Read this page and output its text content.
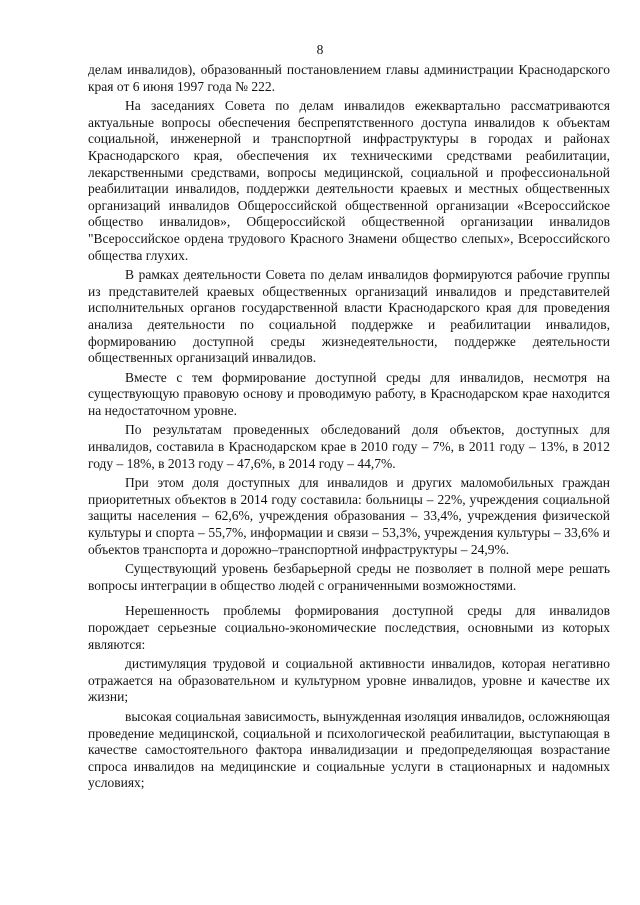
8

делам инвалидов), образованный постановлением главы администрации Краснодарского края от 6 июня 1997 года № 222.

На заседаниях Совета по делам инвалидов ежеквартально рассматриваются актуальные вопросы обеспечения беспрепятственного доступа инвалидов к объектам социальной, инженерной и транспортной инфраструктуры в городах и районах Краснодарского края, обеспечения их техническими средствами реабилитации, лекарственными средствами, вопросы медицинской, социальной и профессиональной реабилитации инвалидов, поддержки деятельности краевых и местных общественных организаций инвалидов Общероссийской общественной организации «Всероссийское общество инвалидов», Общероссийской общественной организации инвалидов "Всероссийское ордена трудового Красного Знамени общество слепых», Всероссийского общества глухих.

В рамках деятельности Совета по делам инвалидов формируются рабочие группы из представителей краевых общественных организаций инвалидов и представителей исполнительных органов государственной власти Краснодарского края для проведения анализа деятельности по социальной поддержке и реабилитации инвалидов, формированию доступной среды жизнедеятельности, поддержке деятельности общественных организаций инвалидов.

Вместе с тем формирование доступной среды для инвалидов, несмотря на существующую правовую основу и проводимую работу, в Краснодарском крае находится на недостаточном уровне.

По результатам проведенных обследований доля объектов, доступных для инвалидов, составила в Краснодарском крае в 2010 году – 7%, в 2011 году – 13%, в 2012 году – 18%, в 2013 году – 47,6%, в 2014 году – 44,7%.

При этом доля доступных для инвалидов и других маломобильных граждан приоритетных объектов в 2014 году составила: больницы – 22%, учреждения социальной защиты населения – 62,6%, учреждения образования – 33,4%, учреждения физической культуры и спорта – 55,7%, информации и связи – 53,3%, учреждения культуры – 33,6% и объектов транспорта и дорожно–транспортной инфраструктуры – 24,9%.

Существующий уровень безбарьерной среды не позволяет в полной мере решать вопросы интеграции в общество людей с ограниченными возможностями.

Нерешенность проблемы формирования доступной среды для инвалидов порождает серьезные социально-экономические последствия, основными из которых являются:

дистимуляция трудовой и социальной активности инвалидов, которая негативно отражается на образовательном и культурном уровне инвалидов, уровне и качестве их жизни;

высокая социальная зависимость, вынужденная изоляция инвалидов, осложняющая проведение медицинской, социальной и психологической реабилитации, выступающая в качестве самостоятельного фактора инвалидизации и предопределяющая возрастание спроса инвалидов на медицинские и социальные услуги в стационарных и надомных условиях;
